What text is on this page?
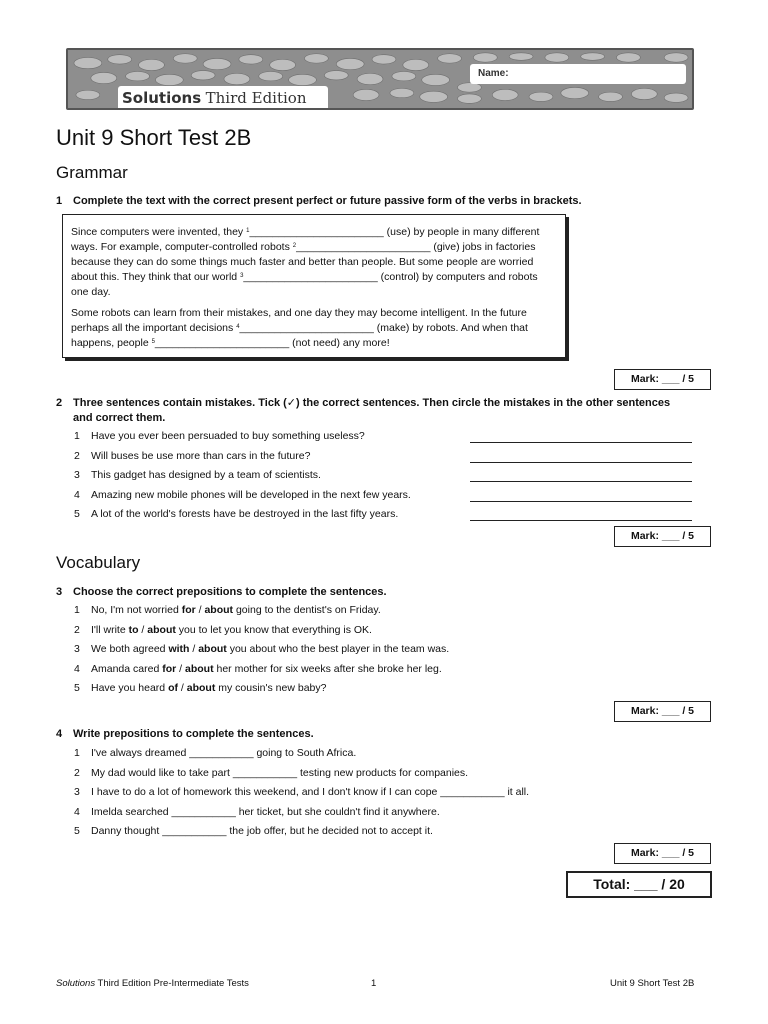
Name:
Solutions Third Edition
Unit 9 Short Test 2B
Grammar
1 Complete the text with the correct present perfect or future passive form of the verbs in brackets.

Since computers were invented, they $^1$_______________________ (use) by people in many different ways. For example, computer-controlled robots $^2$_______________________ (give) jobs in factories because they can do some things much faster and better than people. But some people are worried about this. They think that our world $^3$_______________________ (control) by computers and robots one day.

Some robots can learn from their mistakes, and one day they may become intelligent. In the future perhaps all the important decisions $^4$_______________________ (make) by robots. And when that happens, people $^5$_______________________ (not need) any more!

Mark: ___ / 5
2 Three sentences contain mistakes. Tick (✓) the correct sentences. Then circle the mistakes in the other sentences and correct them.
1 Have you ever been persuaded to buy something useless?
2 Will buses be use more than cars in the future?
3 This gadget has designed by a team of scientists.
4 Amazing new mobile phones will be developed in the next few years.
5 A lot of the world's forests have be destroyed in the last fifty years.
Mark: ___ / 5
Vocabulary
3 Choose the correct prepositions to complete the sentences.
1 No, I'm not worried for / about going to the dentist's on Friday.
2 I'll write to / about you to let you know that everything is OK.
3 We both agreed with / about you about who the best player in the team was.
4 Amanda cared for / about her mother for six weeks after she broke her leg.
5 Have you heard of / about my cousin's new baby?
Mark: ___ / 5
4 Write prepositions to complete the sentences.
1 I've always dreamed ___________ going to South Africa.
2 My dad would like to take part ___________ testing new products for companies.
3 I have to do a lot of homework this weekend, and I don't know if I can cope ___________ it all.
4 Imelda searched ___________ her ticket, but she couldn't find it anywhere.
5 Danny thought ___________ the job offer, but he decided not to accept it.
Mark: ___ / 5
Total: ___ / 20
Solutions Third Edition Pre-Intermediate Tests	1	Unit 9 Short Test 2B
